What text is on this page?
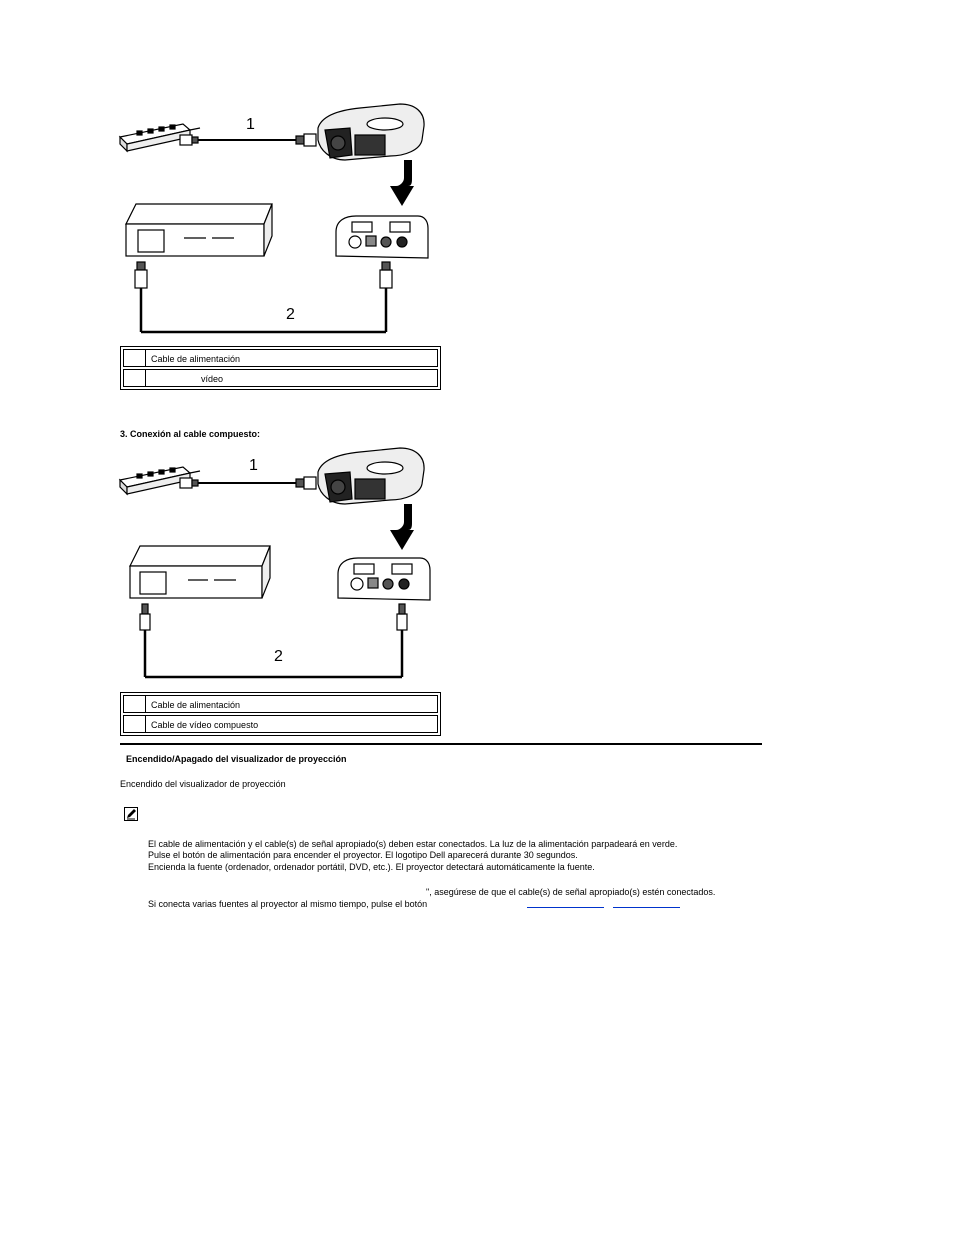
1
2
Cable de alimentación
vídeo
3. Conexión al cable compuesto:
1
2
Cable de alimentación
Cable de vídeo compuesto
Encendido/Apagado del visualizador de proyección
Encendido del visualizador de proyección
El cable de alimentación y el cable(s) de señal apropiado(s) deben estar conectados. La luz de la alimentación parpadeará en verde.
Pulse el botón de alimentación para encender el proyector. El logotipo Dell aparecerá durante 30 segundos.
Encienda la fuente (ordenador, ordenador portátil, DVD, etc.). El proyector detectará automáticamente la fuente.
", asegúrese de que el cable(s) de señal apropiado(s) estén conectados.
Si conecta varias fuentes al proyector al mismo tiempo, pulse el botón
